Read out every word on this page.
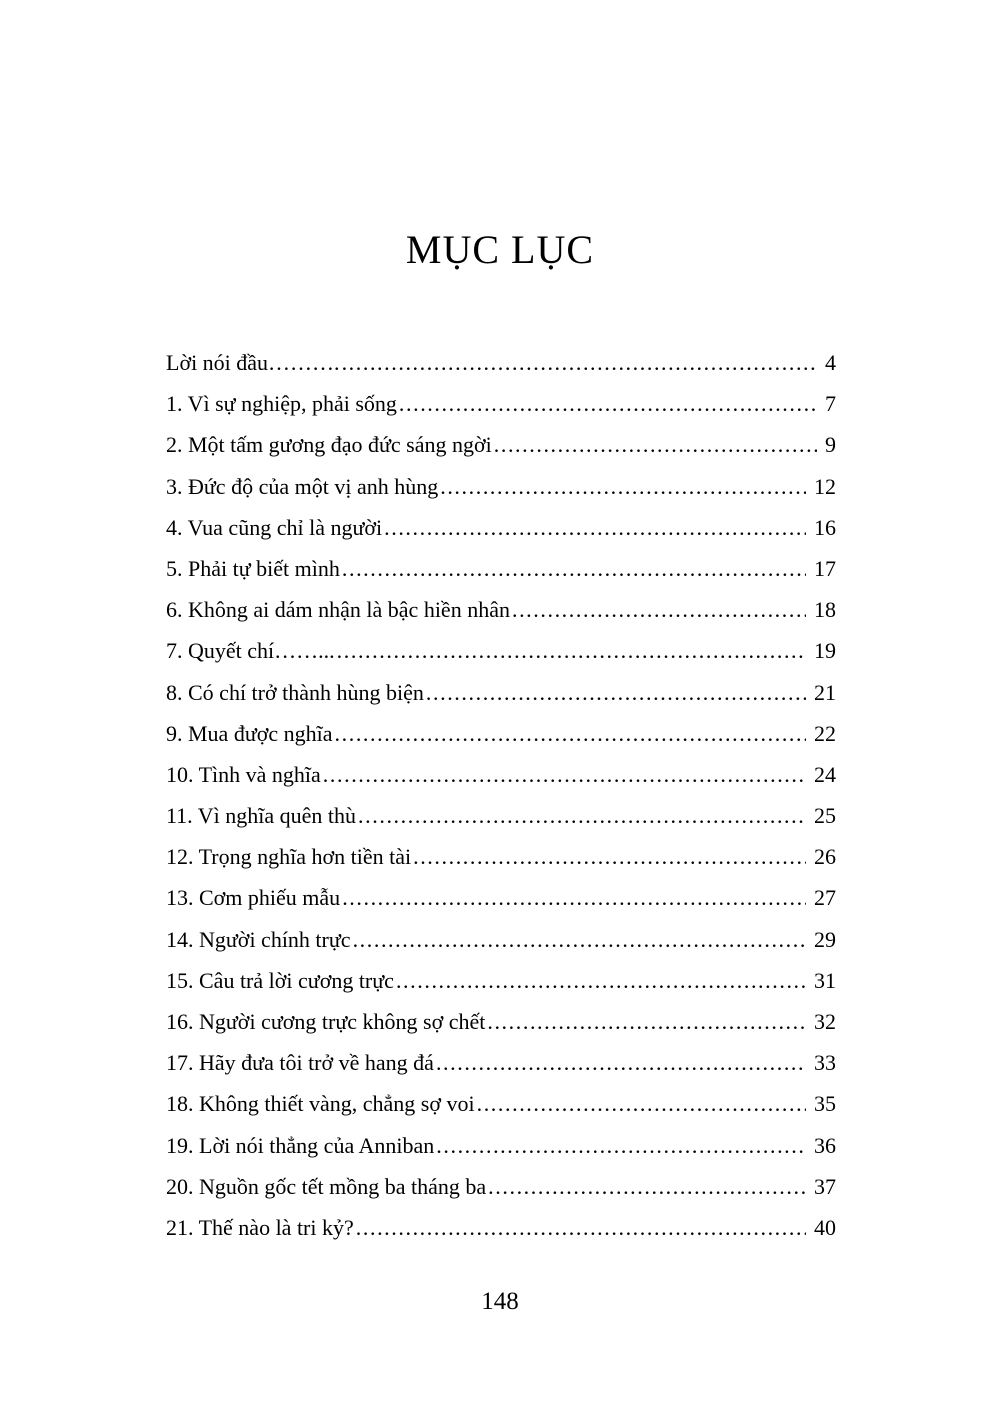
MỤC LỤC
Lời nói đầu………. .....	4
1. Vì sự nghiệp, phải sống .....	7
2. Một tấm gương đạo đức sáng ngời .....	9
3. Đức độ của một vị anh hùng .....	12
4. Vua cũng chỉ là người .....	16
5. Phải tự biết mình .....	17
6. Không ai dám nhận là bậc hiền nhân .....	18
7. Quyết chí……... .....	19
8. Có chí trở thành hùng biện .....	21
9. Mua được nghĩa .....	22
10. Tình và nghĩa .....	24
11. Vì nghĩa quên thù .....	25
12. Trọng nghĩa hơn tiền tài .....	26
13. Cơm phiếu mẫu .....	27
14. Người chính trực .....	29
15. Câu trả lời cương trực .....	31
16. Người cương trực không sợ chết .....	32
17. Hãy đưa tôi trở về hang đá .....	33
18. Không thiết vàng, chẳng sợ voi .....	35
19. Lời nói thẳng của Anniban .....	36
20. Nguồn gốc tết mồng ba tháng ba .....	37
21. Thế nào là tri kỷ? .....	40
148
